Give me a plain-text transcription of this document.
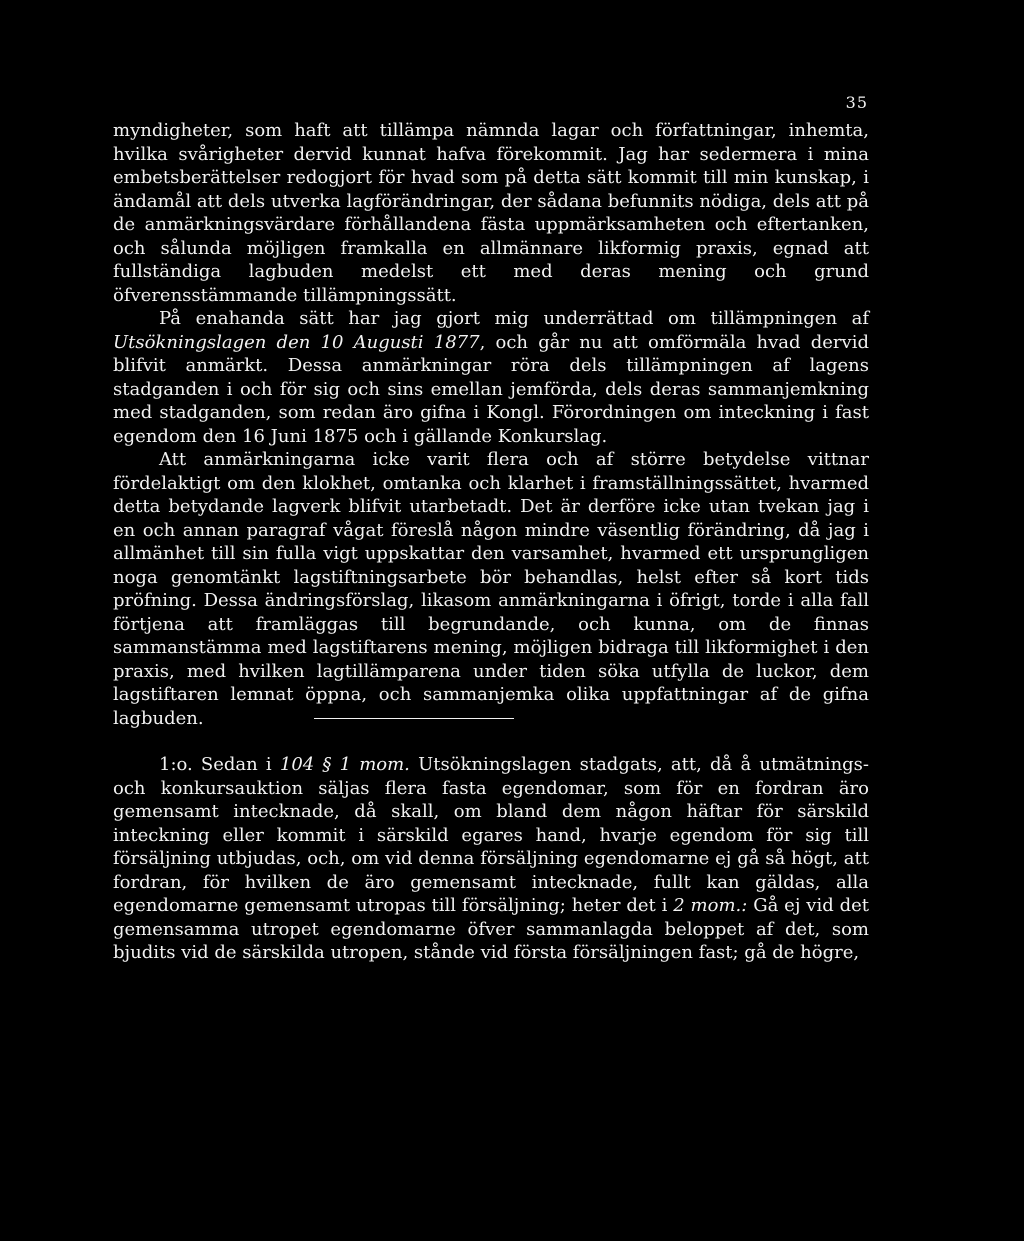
35

myndigheter, som haft att tillämpa nämnda lagar och författningar, inhemta, hvilka svårigheter dervid kunnat hafva förekommit. Jag har sedermera i mina embetsberättelser redogjort för hvad som på detta sätt kommit till min kunskap, i ändamål att dels utverka lagförändringar, der sådana befunnits nödiga, dels att på de anmärkningsvärdare förhållandena fästa uppmärksamheten och eftertanken, och sålunda möjligen framkalla en allmännare likformig praxis, egnad att fullständiga lagbuden medelst ett med deras mening och grund öfverensstämmande tillämpningssätt.

På enahanda sätt har jag gjort mig underrättad om tillämpningen af Utsökningslagen den 10 Augusti 1877, och går nu att omförmäla hvad dervid blifvit anmärkt. Dessa anmärkningar röra dels tillämpningen af lagens stadganden i och för sig och sins emellan jemförda, dels deras sammanjemkning med stadganden, som redan äro gifna i Kongl. Förordningen om inteckning i fast egendom den 16 Juni 1875 och i gällande Konkurslag.

Att anmärkningarna icke varit flera och af större betydelse vittnar fördelaktigt om den klokhet, omtanka och klarhet i framställningssättet, hvarmed detta betydande lagverk blifvit utarbetadt. Det är derföre icke utan tvekan jag i en och annan paragraf vågat föreslå någon mindre väsentlig förändring, då jag i allmänhet till sin fulla vigt uppskattar den varsamhet, hvarmed ett ursprungligen noga genomtänkt lagstiftningsarbete bör behandlas, helst efter så kort tids pröfning. Dessa ändringsförslag, likasom anmärkningarna i öfrigt, torde i alla fall förtjena att framläggas till begrundande, och kunna, om de finnas sammanstämma med lagstiftarens mening, möjligen bidraga till likformighet i den praxis, med hvilken lagtillämparena under tiden söka utfylla de luckor, dem lagstiftaren lemnat öppna, och sammanjemka olika uppfattningar af de gifna lagbuden.

1:o. Sedan i 104 § 1 mom. Utsökningslagen stadgats, att, då å utmätnings- och konkursauktion säljas flera fasta egendomar, som för en fordran äro gemensamt intecknade, då skall, om bland dem någon häftar för särskild inteckning eller kommit i särskild egares hand, hvarje egendom för sig till försäljning utbjudas, och, om vid denna försäljning egendomarne ej gå så högt, att fordran, för hvilken de äro gemensamt intecknade, fullt kan gäldas, alla egendomarne gemensamt utropas till försäljning; heter det i 2 mom.: Gå ej vid det gemensamma utropet egendomarne öfver sammanlagda beloppet af det, som bjudits vid de särskilda utropen, stånde vid första försäljningen fast; gå de högre,
